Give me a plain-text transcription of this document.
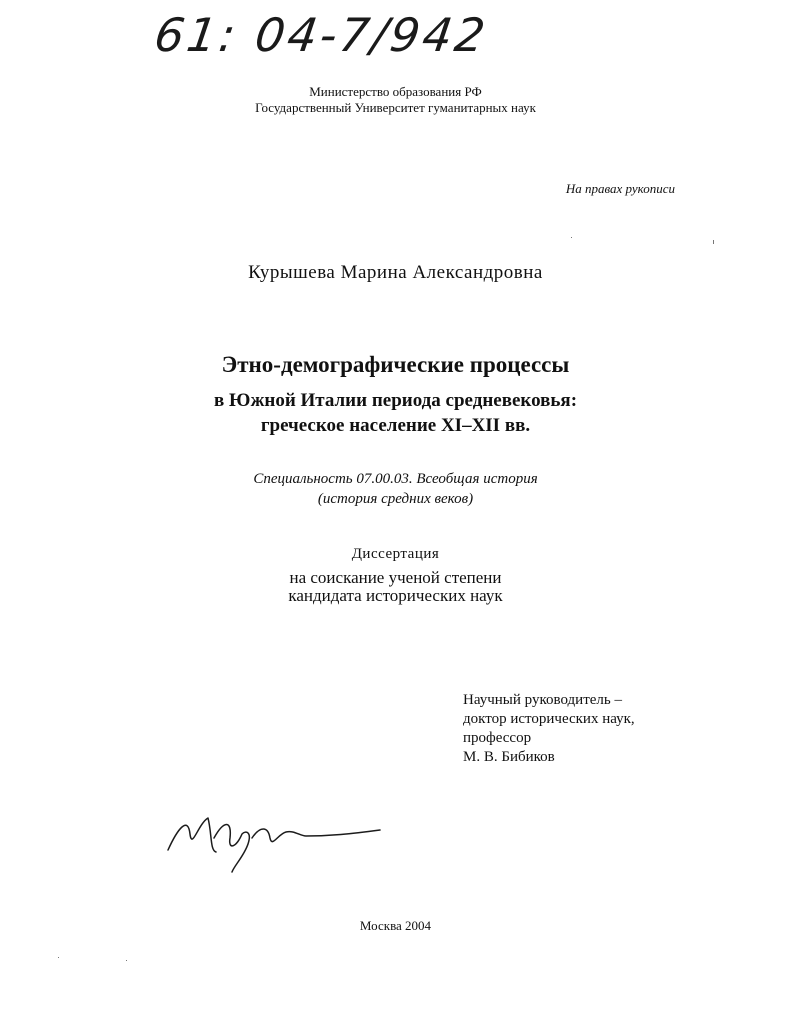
61: 04-7/942
Министерство образования РФ
Государственный Университет гуманитарных наук
На правах рукописи
Курышева Марина Александровна
Этно-демографические процессы
в Южной Италии периода средневековья:
греческое население XI–XII вв.
Специальность 07.00.03. Всеобщая история
(история средних веков)
Диссертация
на соискание ученой степени
кандидата исторических наук
Научный руководитель –
доктор исторических наук,
профессор
М. В. Бибиков
Москва 2004
